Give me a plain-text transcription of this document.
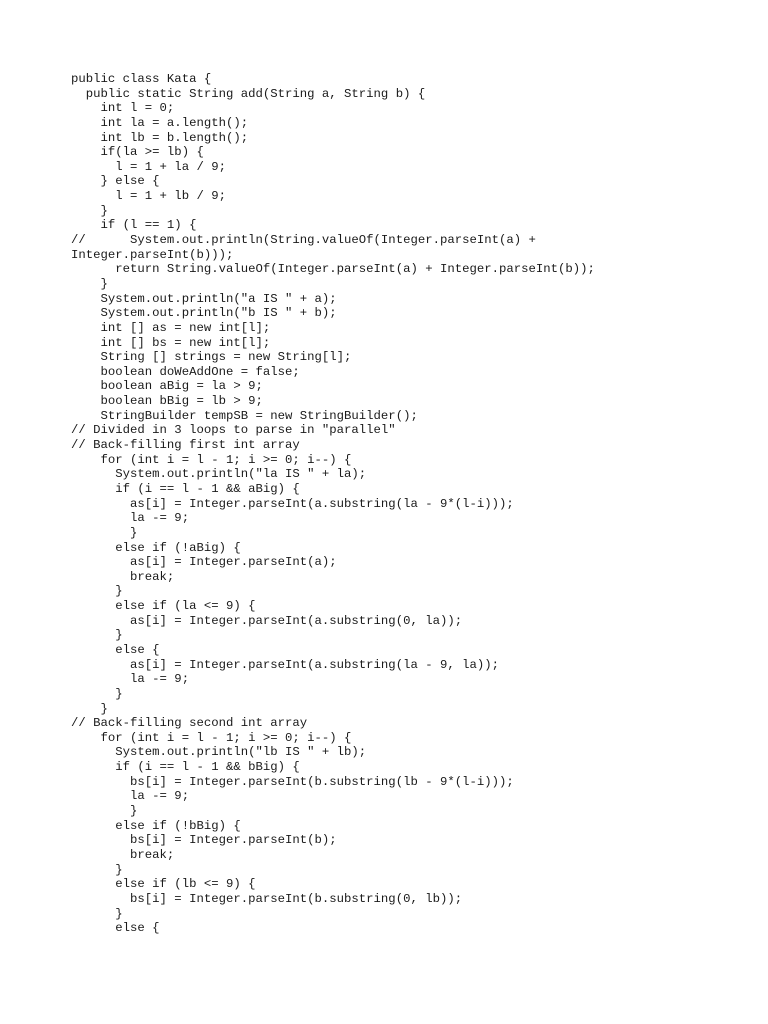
public class Kata {
public static String add(String a, String b) {
int l = 0;
int la = a.length();
int lb = b.length();
if(la >= lb) {
l = 1 + la / 9;
} else {
l = 1 + lb / 9;
}
if (l == 1) {
//      System.out.println(String.valueOf(Integer.parseInt(a) +
Integer.parseInt(b)));
return String.valueOf(Integer.parseInt(a) + Integer.parseInt(b));
}
System.out.println("a IS " + a);
System.out.println("b IS " + b);
int [] as = new int[l];
int [] bs = new int[l];
String [] strings = new String[l];
boolean doWeAddOne = false;
boolean aBig = la > 9;
boolean bBig = lb > 9;
StringBuilder tempSB = new StringBuilder();
// Divided in 3 loops to parse in "parallel"
// Back-filling first int array
for (int i = l - 1; i >= 0; i--) {
System.out.println("la IS " + la);
if (i == l - 1 && aBig) {
as[i] = Integer.parseInt(a.substring(la - 9*(l-i)));
la -= 9;
}
else if (!aBig) {
as[i] = Integer.parseInt(a);
break;
}
else if (la <= 9) {
as[i] = Integer.parseInt(a.substring(0, la));
}
else {
as[i] = Integer.parseInt(a.substring(la - 9, la));
la -= 9;
}
}
// Back-filling second int array
for (int i = l - 1; i >= 0; i--) {
System.out.println("lb IS " + lb);
if (i == l - 1 && bBig) {
bs[i] = Integer.parseInt(b.substring(lb - 9*(l-i)));
la -= 9;
}
else if (!bBig) {
bs[i] = Integer.parseInt(b);
break;
}
else if (lb <= 9) {
bs[i] = Integer.parseInt(b.substring(0, lb));
}
else {
